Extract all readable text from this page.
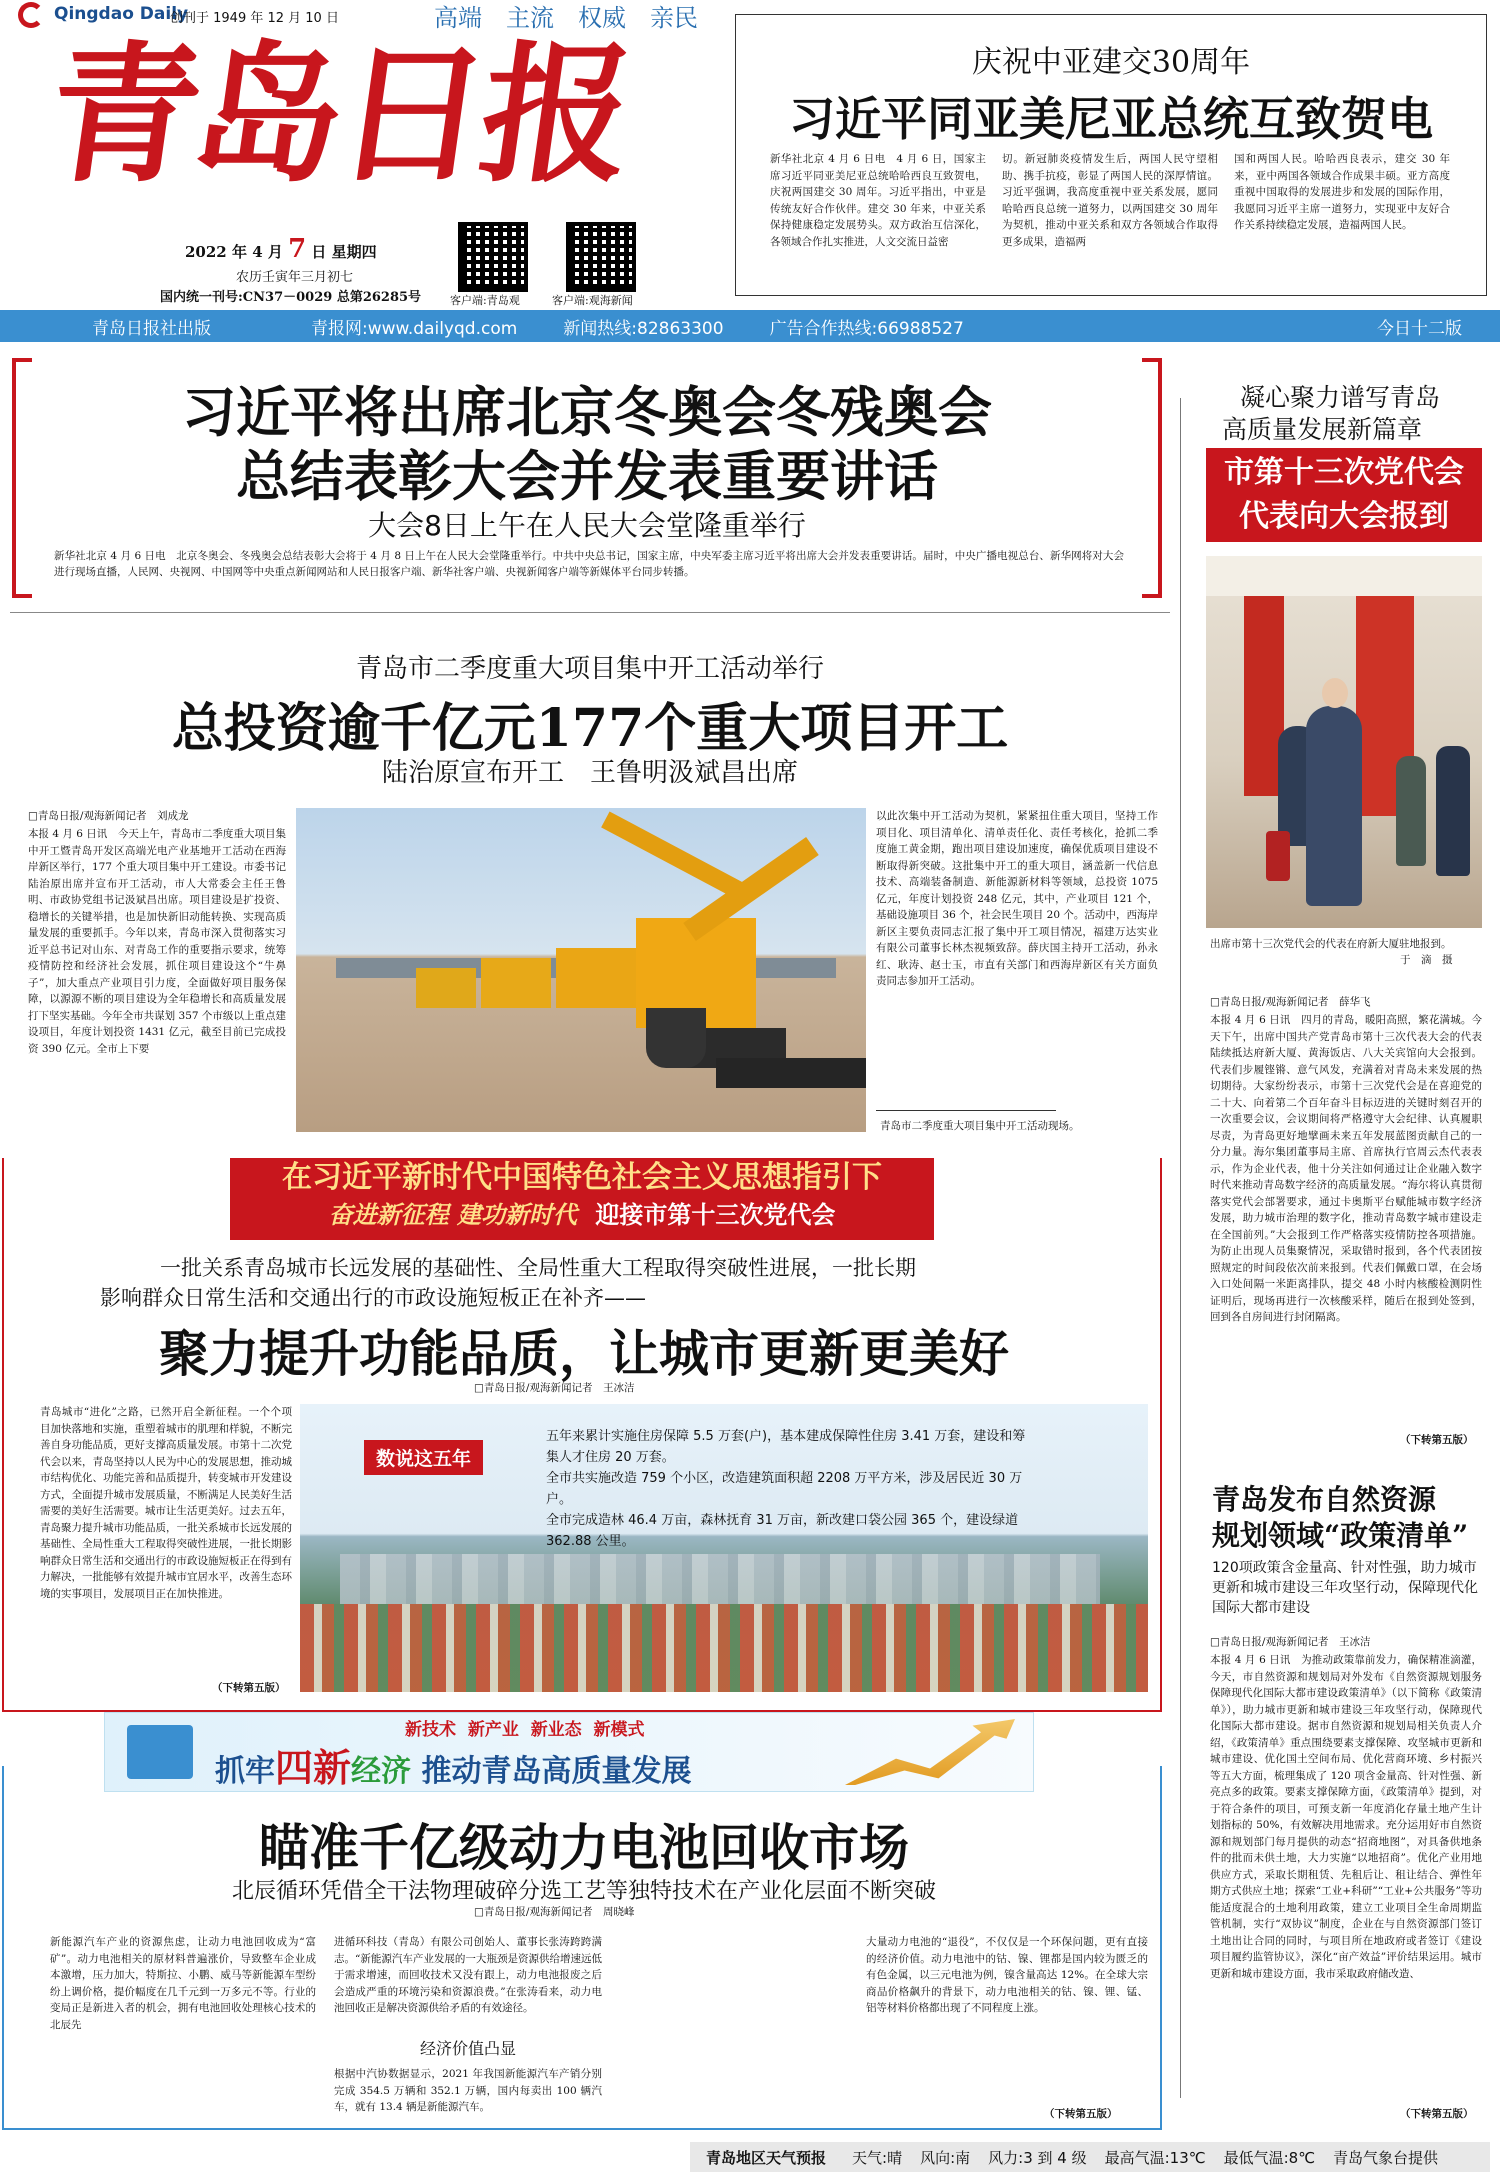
Qingdao Daily
创刊于 1949 年 12 月 10 日	高端 主流 权威 亲民
青岛日报
2022 年 4 月 7 日 星期四
农历壬寅年三月初七
国内统一刊号:CN37－0029 总第26285号	客户端:青岛观	客户端:观海新闻
庆祝中亚建交30周年
习近平同亚美尼亚总统互致贺电
新华社北京 4 月 6 日电　4 月 6 日，国家主席习近平同亚美尼亚总统哈哈西良互致贺电，庆祝两国建交 30 周年。习近平指出，中亚是传统友好合作伙伴。建交 30 年来，中亚关系保持健康稳定发展势头。双方政治互信深化，各领域合作扎实推进，人文交流日益密
切。新冠肺炎疫情发生后，两国人民守望相助、携手抗疫，彰显了两国人民的深厚情谊。习近平强调，我高度重视中亚关系发展，愿同哈哈西良总统一道努力，以两国建交 30 周年为契机，推动中亚关系和双方各领域合作取得更多成果，造福两
国和两国人民。哈哈西良表示，建交 30 年来，亚中两国各领域合作成果丰硕。亚方高度重视中国取得的发展进步和发展的国际作用，我愿同习近平主席一道努力，实现亚中友好合作关系持续稳定发展，造福两国人民。
青岛日报社出版	青报网:www.dailyqd.com	新闻热线:82863300	广告合作热线:66988527	今日十二版
习近平将出席北京冬奥会冬残奥会
总结表彰大会并发表重要讲话
大会8日上午在人民大会堂隆重举行
新华社北京 4 月 6 日电　北京冬奥会、冬残奥会总结表彰大会将于 4 月 8 日上午在人民大会堂隆重举行。中共中央总书记，国家主席，中央军委主席习近平将出席大会并发表重要讲话。届时，中央广播电视总台、新华网将对大会进行现场直播，人民网、央视网、中国网等中央重点新闻网站和人民日报客户端、新华社客户端、央视新闻客户端等新媒体平台同步转播。
凝心聚力谱写青岛
高质量发展新篇章
市第十三次党代会
代表向大会报到
出席市第十三次党代会的代表在府新大厦驻地报到。
于　滴　摄
□青岛日报/观海新闻记者　薛华飞
本报 4 月 6 日讯　四月的青岛，暖阳高照，繁花满城。今天下午，出席中国共产党青岛市第十三次代表大会的代表陆续抵达府新大厦、黄海饭店、八大关宾馆向大会报到。代表们步履铿锵、意气风发，充满着对青岛未来发展的热切期待。大家纷纷表示，市第十三次党代会是在喜迎党的二十大、向着第二个百年奋斗目标迈进的关键时刻召开的一次重要会议，会议期间将严格遵守大会纪律、认真履职尽责，为青岛更好地擘画未来五年发展蓝图贡献自己的一分力量。海尔集团董事局主席、首席执行官周云杰代表表示，作为企业代表，他十分关注如何通过让企业融入数字时代来推动青岛数字经济的高质量发展。“海尔将认真贯彻落实党代会部署要求，通过卡奥斯平台赋能城市数字经济发展，助力城市治理的数字化，推动青岛数字城市建设走在全国前列。”大会报到工作严格落实疫情防控各项措施。为防止出现人员集聚情况，采取错时报到，各个代表团按照规定的时间段依次前来报到。代表们佩戴口罩，在会场入口处间隔一米距离排队，提交 48 小时内核酸检测阴性证明后，现场再进行一次核酸采样，随后在报到处签到，回到各自房间进行封闭隔离。
（下转第五版）
青岛发布自然资源
规划领域“政策清单”
120项政策含金量高、针对性强，助力城市更新和城市建设三年攻坚行动，保障现代化国际大都市建设
□青岛日报/观海新闻记者　王冰洁
本报 4 月 6 日讯　为推动政策靠前发力，确保精准滴灌，今天，市自然资源和规划局对外发布《自然资源规划服务保障现代化国际大都市建设政策清单》（以下简称《政策清单》），助力城市更新和城市建设三年攻坚行动，保障现代化国际大都市建设。据市自然资源和规划局相关负责人介绍，《政策清单》重点围绕要素支撑保障、攻坚城市更新和城市建设、优化国土空间布局、优化营商环境、乡村振兴等五大方面，梳理集成了 120 项含金量高、针对性强、新亮点多的政策。要素支撑保障方面，《政策清单》提到，对于符合条件的项目，可预支新一年度消化存量土地产生计划指标的 50%，有效解决用地需求。充分运用好市自然资源和规划部门每月提供的动态“招商地图”，对具备供地条件的批而未供土地，大力实施“以地招商”。优化产业用地供应方式，采取长期租赁、先租后让、租让结合、弹性年期方式供应土地；探索“工业+科研”“工业+公共服务”等功能适度混合的土地利用政策，建立工业项目全生命周期监管机制，实行“双协议”制度，企业在与自然资源部门签订土地出让合同的同时，与项目所在地政府或者签订《建设项目履约监管协议》，深化“亩产效益”评价结果运用。城市更新和城市建设方面，我市采取政府储改造、
（下转第五版）
青岛市二季度重大项目集中开工活动举行
总投资逾千亿元177个重大项目开工
陆治原宣布开工　王鲁明汲斌昌出席
□青岛日报/观海新闻记者　刘成龙
本报 4 月 6 日讯　今天上午，青岛市二季度重大项目集中开工暨青岛开发区高端光电产业基地开工活动在西海岸新区举行，177 个重大项目集中开工建设。市委书记陆治原出席并宣布开工活动，市人大常委会主任王鲁明、市政协党组书记汲斌昌出席。项目建设是扩投资、稳增长的关键举措，也是加快新旧动能转换、实现高质量发展的重要抓手。今年以来，青岛市深入贯彻落实习近平总书记对山东、对青岛工作的重要指示要求，统筹疫情防控和经济社会发展，抓住项目建设这个“牛鼻子”，加大重点产业项目引力度，全面做好项目服务保障，以源源不断的项目建设为全年稳增长和高质量发展打下坚实基础。今年全市共谋划 357 个市级以上重点建设项目，年度计划投资 1431 亿元，截至目前已完成投资 390 亿元。全市上下要
以此次集中开工活动为契机，紧紧扭住重大项目，坚持工作项目化、项目清单化、清单责任化、责任考核化，抢抓二季度施工黄金期，跑出项目建设加速度，确保优质项目建设不断取得新突破。这批集中开工的重大项目，涵盖新一代信息技术、高端装备制造、新能源新材料等领域，总投资 1075 亿元，年度计划投资 248 亿元，其中，产业项目 121 个，基础设施项目 36 个，社会民生项目 20 个。活动中，西海岸新区主要负责同志汇报了集中开工项目情况，福建万达实业有限公司董事长林杰视频致辞。薛庆国主持开工活动，孙永红、耿涛、赵士玉，市直有关部门和西海岸新区有关方面负责同志参加开工活动。
青岛市二季度重大项目集中开工活动现场。
在习近平新时代中国特色社会主义思想指引下
奋进新征程 建功新时代 迎接市第十三次党代会
一批关系青岛城市长远发展的基础性、全局性重大工程取得突破性进展，一批长期
影响群众日常生活和交通出行的市政设施短板正在补齐——
聚力提升功能品质，让城市更新更美好
□青岛日报/观海新闻记者　王冰洁
青岛城市“进化”之路，已然开启全新征程。一个个项目加快落地和实施，重塑着城市的肌理和样貌，不断完善自身功能品质，更好支撑高质量发展。市第十二次党代会以来，青岛坚持以人民为中心的发展思想，推动城市结构优化、功能完善和品质提升，转变城市开发建设方式，全面提升城市发展质量，不断满足人民美好生活需要的美好生活需要。城市让生活更美好。过去五年，青岛聚力提升城市功能品质，一批关系城市长远发展的基础性、全局性重大工程取得突破性进展，一批长期影响群众日常生活和交通出行的市政设施短板正在得到有力解决，一批能够有效提升城市宜居水平，改善生态环境的实事项目，发展项目正在加快推进。
（下转第五版）
数说这五年
五年来累计实施住房保障 5.5 万套(户)，基本建成保障性住房 3.41 万套，建设和筹集人才住房 20 万套。
全市共实施改造 759 个小区，改造建筑面积超 2208 万平方米，涉及居民近 30 万户。
全市完成造林 46.4 万亩，森林抚育 31 万亩，新改建口袋公园 365 个，建设绿道 362.88 公里。
新技术 新产业 新业态 新模式
抓牢四新经济 推动青岛高质量发展
瞄准千亿级动力电池回收市场
北辰循环凭借全干法物理破碎分选工艺等独特技术在产业化层面不断突破
□青岛日报/观海新闻记者　周晓峰
新能源汽车产业的资源焦虑，让动力电池回收成为“富矿”。动力电池相关的原材料普遍涨价，导致整车企业成本激增，压力加大，特斯拉、小鹏、威马等新能源车型纷纷上调价格，提价幅度在几千元到一万多元不等。行业的变局正是新进入者的机会，拥有电池回收处理核心技术的北辰先
进循环科技（青岛）有限公司创始人、董事长张涛跨跨满志。“新能源汽车产业发展的一大瓶颈是资源供给增速远低于需求增速，而回收技术又没有跟上，动力电池报废之后会造成严重的环境污染和资源浪费。”在张涛看来，动力电池回收正是解决资源供给矛盾的有效途径。
经济价值凸显
根据中汽协数据显示，2021 年我国新能源汽车产销分别完成 354.5 万辆和 352.1 万辆，国内每卖出 100 辆汽车，就有 13.4 辆是新能源汽车。
大量动力电池的“退役”，不仅仅是一个环保问题，更有直接的经济价值。动力电池中的钴、镍、锂都是国内较为匮乏的有色金属，以三元电池为例，镍含量高达 12%。在全球大宗商品价格飙升的背景下，动力电池相关的钴、镍、锂、锰、铝等材料价格都出现了不同程度上涨。
（下转第五版）
青岛地区天气预报 天气:晴 风向:南 风力:3 到 4 级 最高气温:13℃ 最低气温:8℃ 青岛气象台提供
